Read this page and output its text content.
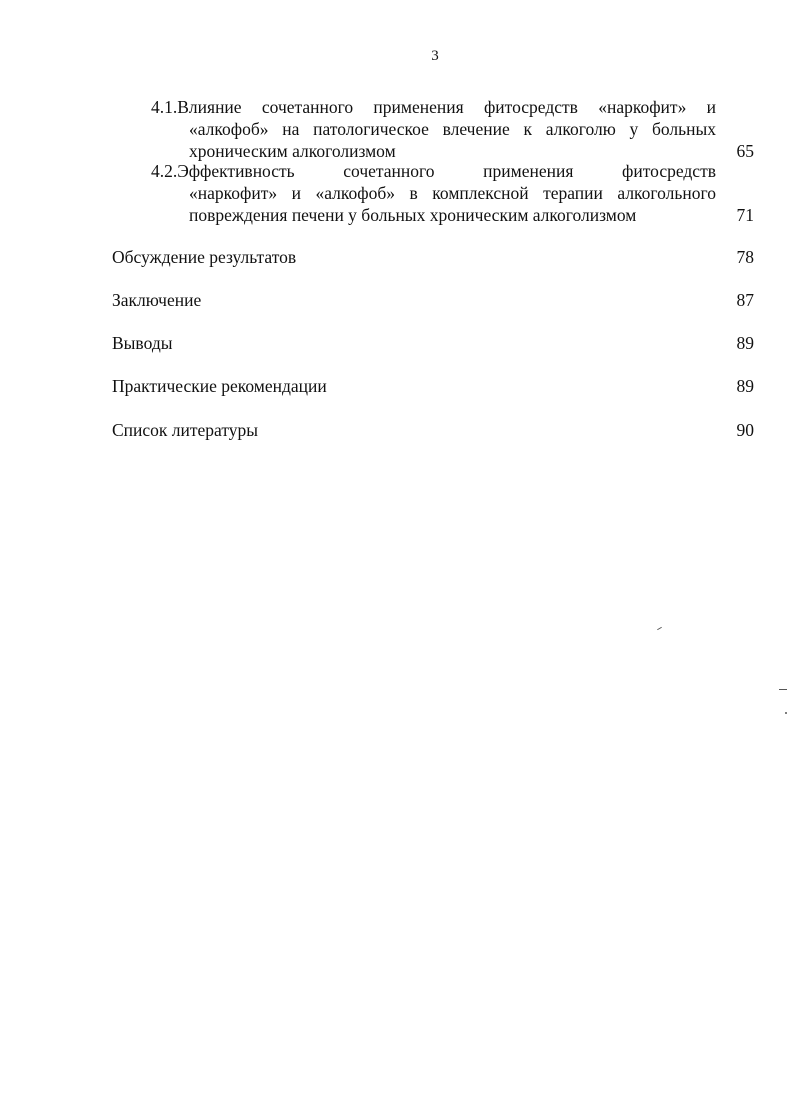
3
4.1.Влияние сочетанного применения фитосредств «наркофит» и
«алкофоб» на патологическое влечение к алкоголю у больных
хроническим алкоголизмом	65
4.2.Эффективность сочетанного применения фитосредств
«наркофит» и «алкофоб» в комплексной терапии алкогольного
повреждения печени у больных хроническим алкоголизмом	71
Обсуждение результатов	78
Заключение	87
Выводы	89
Практические рекомендации	89
Список литературы	90
